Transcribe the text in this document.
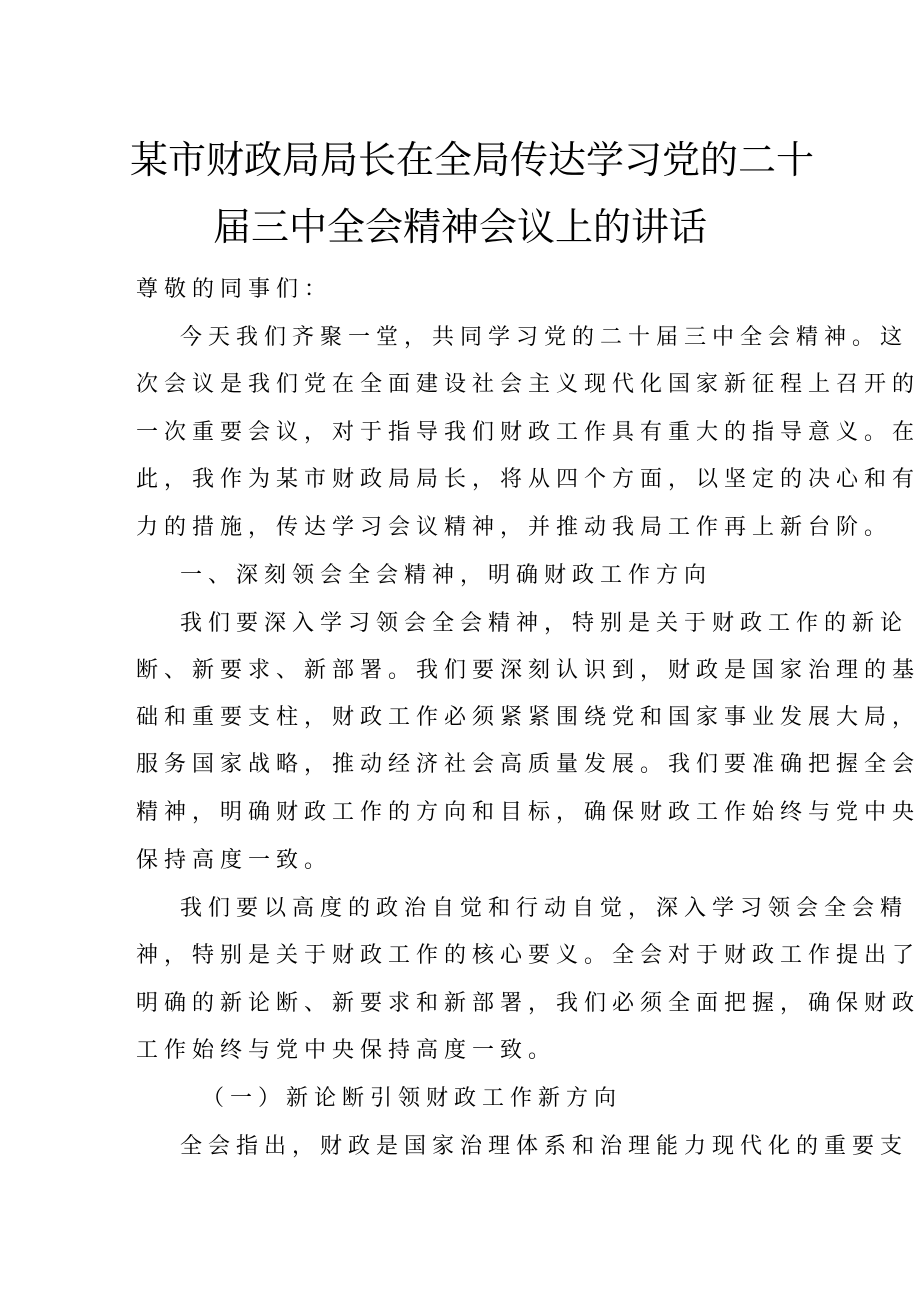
某市财政局局长在全局传达学习党的二十
届三中全会精神会议上的讲话
尊敬的同事们：
今天我们齐聚一堂，共同学习党的二十届三中全会精神。这
次会议是我们党在全面建设社会主义现代化国家新征程上召开的
一次重要会议，对于指导我们财政工作具有重大的指导意义。在
此，我作为某市财政局局长，将从四个方面，以坚定的决心和有
力的措施，传达学习会议精神，并推动我局工作再上新台阶。
一、深刻领会全会精神，明确财政工作方向
我们要深入学习领会全会精神，特别是关于财政工作的新论
断、新要求、新部署。我们要深刻认识到，财政是国家治理的基
础和重要支柱，财政工作必须紧紧围绕党和国家事业发展大局，
服务国家战略，推动经济社会高质量发展。我们要准确把握全会
精神，明确财政工作的方向和目标，确保财政工作始终与党中央
保持高度一致。
我们要以高度的政治自觉和行动自觉，深入学习领会全会精
神，特别是关于财政工作的核心要义。全会对于财政工作提出了
明确的新论断、新要求和新部署，我们必须全面把握，确保财政
工作始终与党中央保持高度一致。
（一）新论断引领财政工作新方向
全会指出，财政是国家治理体系和治理能力现代化的重要支
